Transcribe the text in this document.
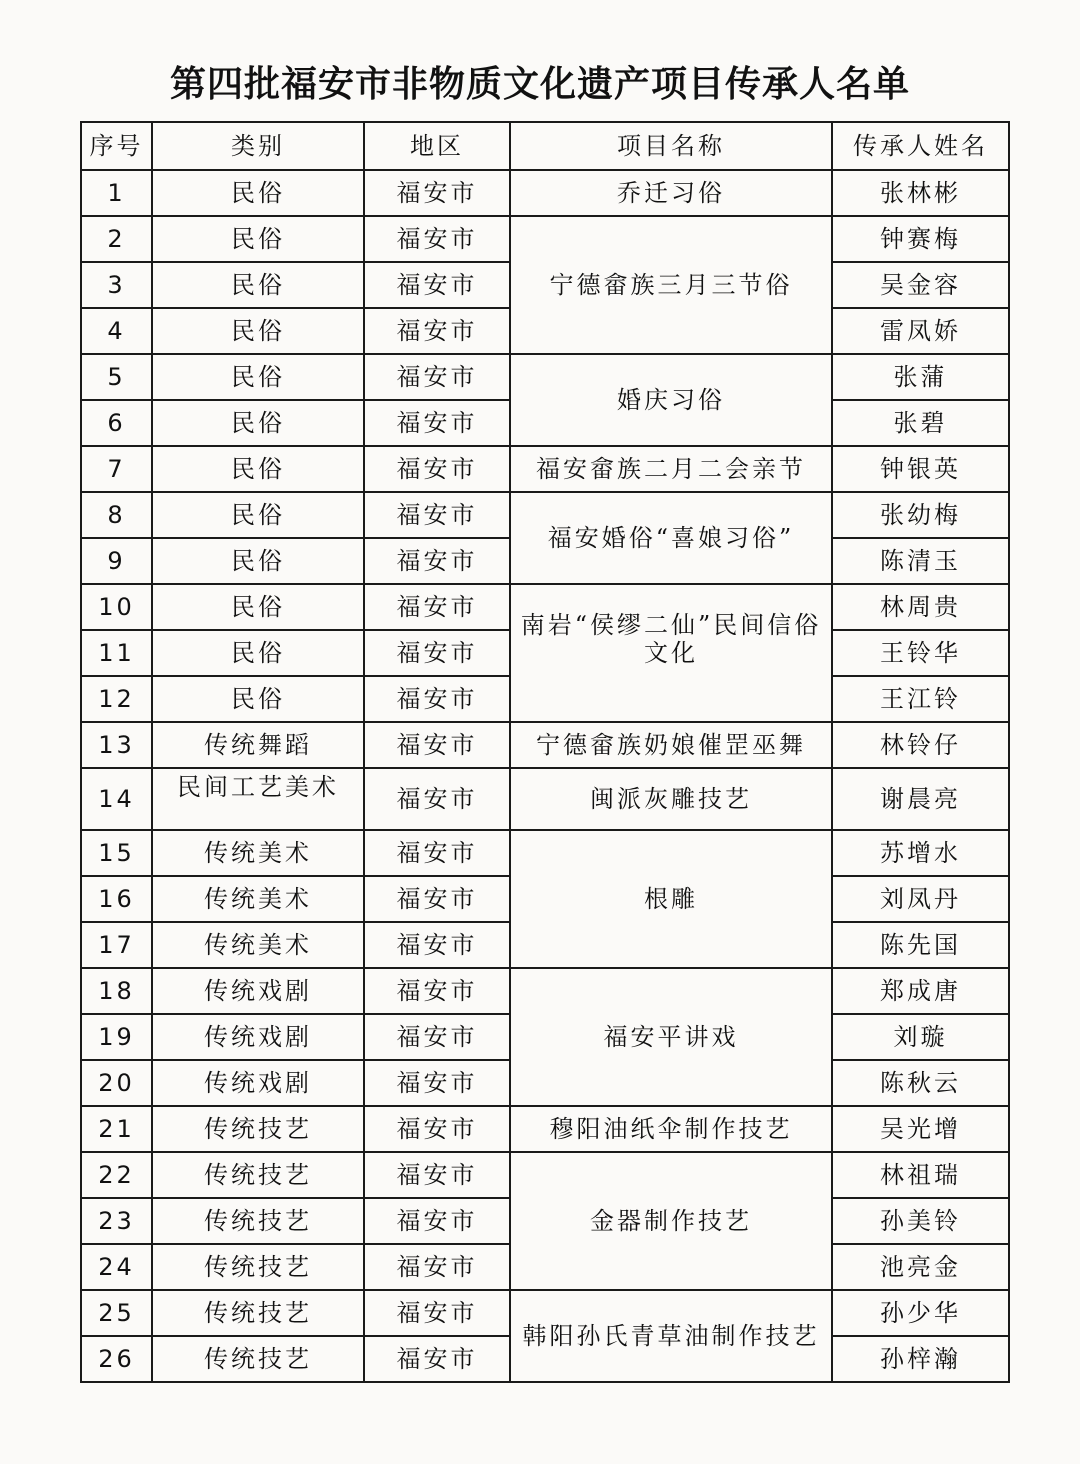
第四批福安市非物质文化遗产项目传承人名单
序号	类别	地区	项目名称	传承人姓名
1	民俗	福安市	乔迁习俗	张林彬
2	民俗	福安市	宁德畲族三月三节俗	钟赛梅
3	民俗	福安市		吴金容
4	民俗	福安市		雷凤娇
5	民俗	福安市	婚庆习俗	张蒲
6	民俗	福安市		张碧
7	民俗	福安市	福安畲族二月二会亲节	钟银英
8	民俗	福安市	福安婚俗“喜娘习俗”	张幼梅
9	民俗	福安市		陈清玉
10	民俗	福安市	南岩“侯缪二仙”民间信俗文化	林周贵
11	民俗	福安市		王铃华
12	民俗	福安市		王江铃
13	传统舞蹈	福安市	宁德畲族奶娘催罡巫舞	林铃仔
14	民间工艺美术	福安市	闽派灰雕技艺	谢晨亮
15	传统美术	福安市	根雕	苏增水
16	传统美术	福安市		刘凤丹
17	传统美术	福安市		陈先国
18	传统戏剧	福安市	福安平讲戏	郑成唐
19	传统戏剧	福安市		刘璇
20	传统戏剧	福安市		陈秋云
21	传统技艺	福安市	穆阳油纸伞制作技艺	吴光增
22	传统技艺	福安市	金器制作技艺	林祖瑞
23	传统技艺	福安市		孙美铃
24	传统技艺	福安市		池亮金
25	传统技艺	福安市	韩阳孙氏青草油制作技艺	孙少华
26	传统技艺	福安市		孙梓瀚
